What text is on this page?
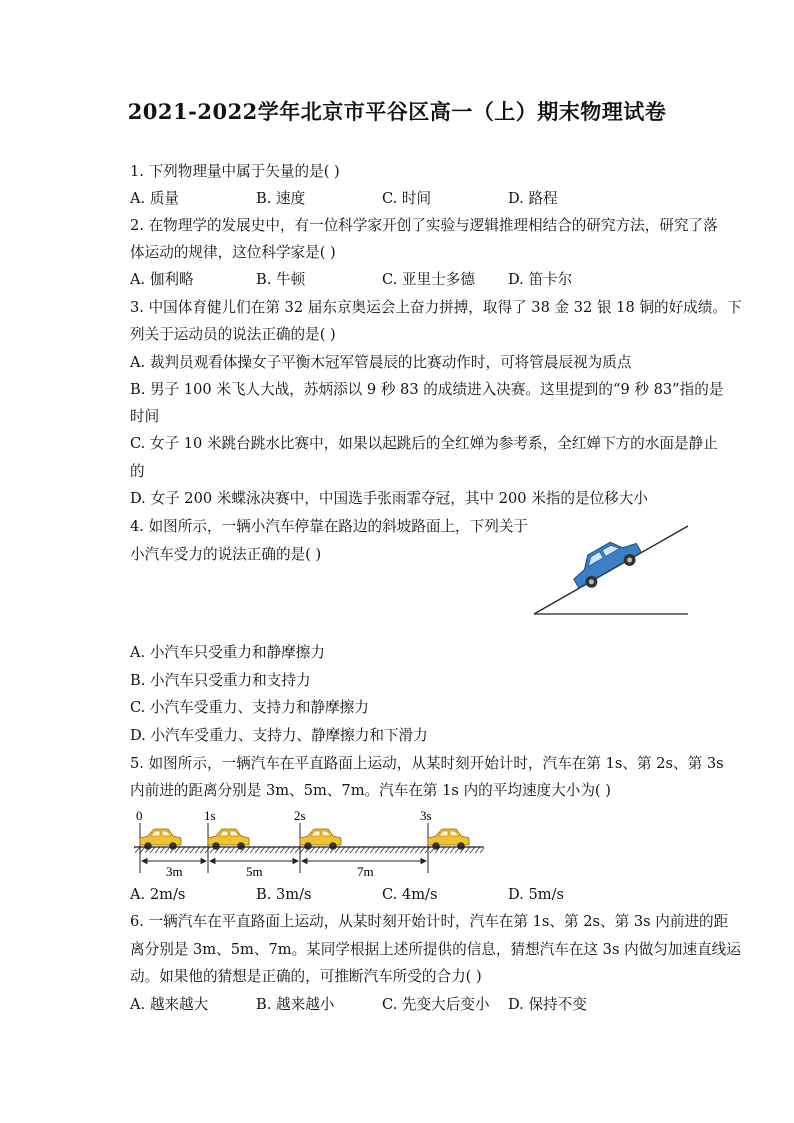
2021-2022学年北京市平谷区高一（上）期末物理试卷
1. 下列物理量中属于矢量的是( )
A. 质量	B. 速度	C. 时间	D. 路程
2. 在物理学的发展史中，有一位科学家开创了实验与逻辑推理相结合的研究方法，研究了落
体运动的规律，这位科学家是( )
A. 伽利略	B. 牛顿	C. 亚里士多德 D. 笛卡尔
3. 中国体育健儿们在第 32 届东京奥运会上奋力拼搏，取得了 38 金 32 银 18 铜的好成绩。下
列关于运动员的说法正确的是( )
A. 裁判员观看体操女子平衡木冠军管晨辰的比赛动作时，可将管晨辰视为质点
B. 男子 100 米飞人大战，苏炳添以 9 秒 83 的成绩进入决赛。这里提到的“9 秒 83”指的是
时间
C. 女子 10 米跳台跳水比赛中，如果以起跳后的全红婵为参考系，全红婵下方的水面是静止
的
D. 女子 200 米蝶泳决赛中，中国选手张雨霏夺冠，其中 200 米指的是位移大小
4. 如图所示，一辆小汽车停靠在路边的斜坡路面上，下列关于
小汽车受力的说法正确的是( )
A. 小汽车只受重力和静摩擦力
B. 小汽车只受重力和支持力
C. 小汽车受重力、支持力和静摩擦力
D. 小汽车受重力、支持力、静摩擦力和下滑力
5. 如图所示，一辆汽车在平直路面上运动，从某时刻开始计时，汽车在第 1s、第 2s、第 3s
内前进的距离分别是 3m、5m、7m。汽车在第 1s 内的平均速度大小为( )
0	1s	2s	3s
3m	5m	7m
A. 2m/s	B. 3m/s	C. 4m/s	D. 5m/s
6. 一辆汽车在平直路面上运动，从某时刻开始计时，汽车在第 1s、第 2s、第 3s 内前进的距
离分别是 3m、5m、7m。某同学根据上述所提供的信息，猜想汽车在这 3s 内做匀加速直线运
动。如果他的猜想是正确的，可推断汽车所受的合力( )
A. 越来越大	B. 越来越小	C. 先变大后变小 D. 保持不变
